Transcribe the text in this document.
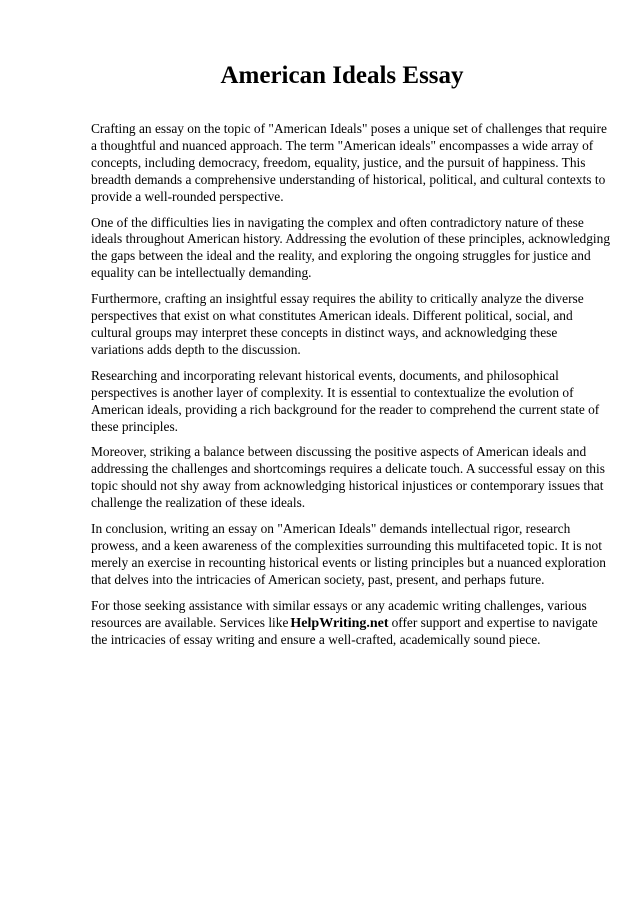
American Ideals Essay

Crafting an essay on the topic of "American Ideals" poses a unique set of challenges that require a thoughtful and nuanced approach. The term "American ideals" encompasses a wide array of concepts, including democracy, freedom, equality, justice, and the pursuit of happiness. This breadth demands a comprehensive understanding of historical, political, and cultural contexts to provide a well-rounded perspective.

One of the difficulties lies in navigating the complex and often contradictory nature of these ideals throughout American history. Addressing the evolution of these principles, acknowledging the gaps between the ideal and the reality, and exploring the ongoing struggles for justice and equality can be intellectually demanding.

Furthermore, crafting an insightful essay requires the ability to critically analyze the diverse perspectives that exist on what constitutes American ideals. Different political, social, and cultural groups may interpret these concepts in distinct ways, and acknowledging these variations adds depth to the discussion.

Researching and incorporating relevant historical events, documents, and philosophical perspectives is another layer of complexity. It is essential to contextualize the evolution of American ideals, providing a rich background for the reader to comprehend the current state of these principles.

Moreover, striking a balance between discussing the positive aspects of American ideals and addressing the challenges and shortcomings requires a delicate touch. A successful essay on this topic should not shy away from acknowledging historical injustices or contemporary issues that challenge the realization of these ideals.

In conclusion, writing an essay on "American Ideals" demands intellectual rigor, research prowess, and a keen awareness of the complexities surrounding this multifaceted topic. It is not merely an exercise in recounting historical events or listing principles but a nuanced exploration that delves into the intricacies of American society, past, present, and perhaps future.

For those seeking assistance with similar essays or any academic writing challenges, various resources are available. Services like HelpWriting.net offer support and expertise to navigate the intricacies of essay writing and ensure a well-crafted, academically sound piece.
